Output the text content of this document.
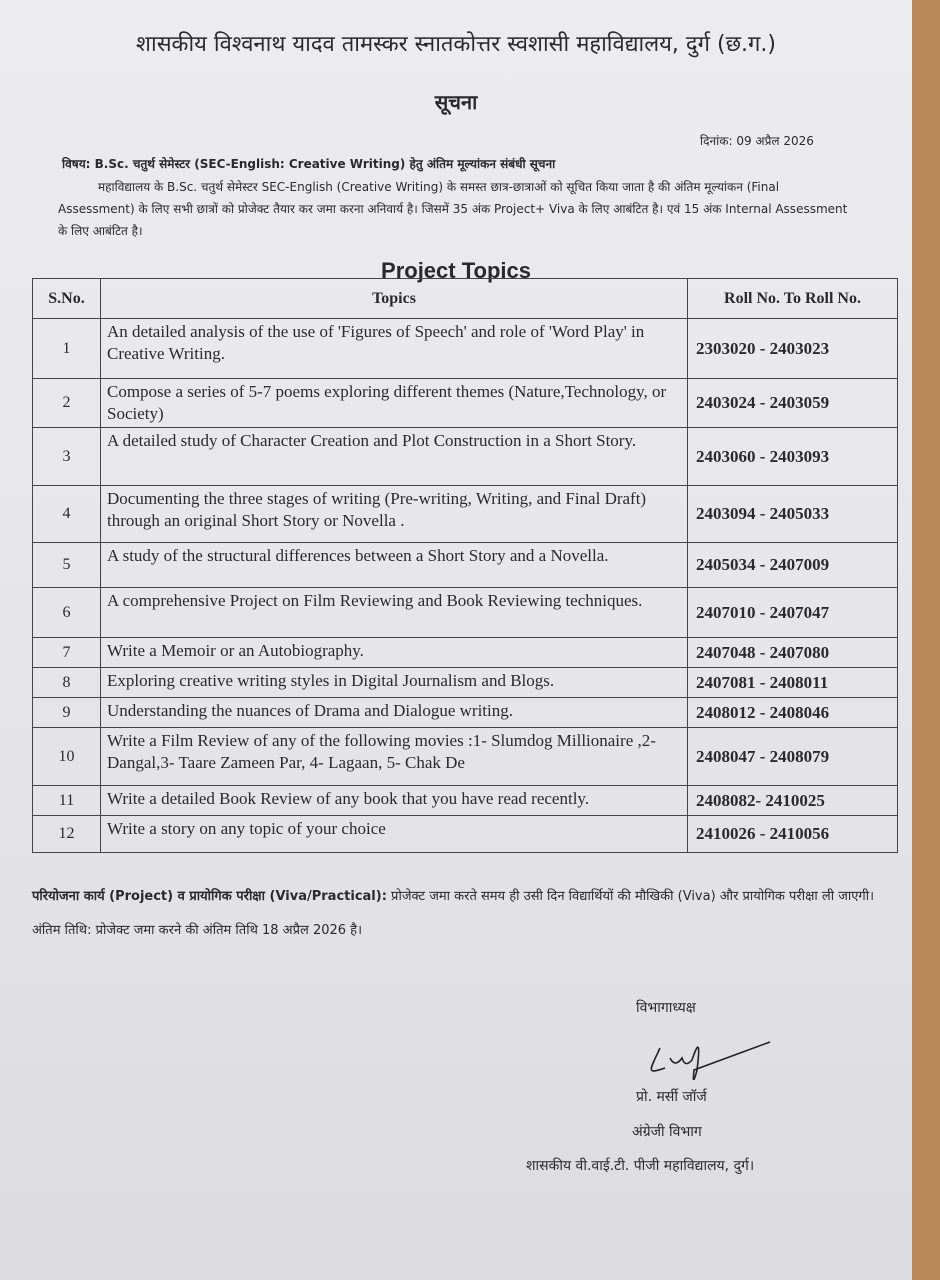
शासकीय विश्वनाथ यादव तामस्कर स्नातकोत्तर स्वशासी महाविद्यालय, दुर्ग (छ.ग.)
सूचना
दिनांक: 09 अप्रैल 2026
विषय: B.Sc. चतुर्थ सेमेस्टर (SEC-English: Creative Writing) हेतु अंतिम मूल्यांकन संबंधी सूचना
महाविद्यालय के B.Sc. चतुर्थ सेमेस्टर SEC-English (Creative Writing) के समस्त छात्र-छात्राओं को सूचित किया जाता है की अंतिम मूल्यांकन (Final Assessment) के लिए सभी छात्रों को प्रोजेक्ट तैयार कर जमा करना अनिवार्य है। जिसमें 35 अंक Project+ Viva के लिए आबंटित है। एवं 15 अंक Internal Assessment के लिए आबंटित है।
Project Topics
S.No.	Topics	Roll No. To Roll No.
1	An detailed analysis of the use of 'Figures of Speech' and role of 'Word Play' in Creative Writing.	2303020 - 2403023
2	Compose a series of 5-7 poems exploring different themes (Nature,Technology, or Society)	2403024 - 2403059
3	A detailed study of Character Creation and Plot Construction in a Short Story.	2403060 - 2403093
4	Documenting the three stages of writing (Pre-writing, Writing, and Final Draft) through an original Short Story or Novella .	2403094 - 2405033
5	A study of the structural differences between a Short Story and a Novella.	2405034 - 2407009
6	A comprehensive Project on Film Reviewing and Book Reviewing techniques.	2407010 - 2407047
7	Write a Memoir or an Autobiography.	2407048 - 2407080
8	Exploring creative writing styles in Digital Journalism and Blogs.	2407081 - 2408011
9	Understanding the nuances of Drama and Dialogue writing.	2408012 - 2408046
10	Write a Film Review of any of the following movies :1- Slumdog Millionaire ,2- Dangal,3- Taare Zameen Par, 4- Lagaan, 5- Chak De	2408047 - 2408079
11	Write a detailed Book Review of any book that you have read recently.	2408082- 2410025
12	Write a story on any topic of your choice	2410026 - 2410056
परियोजना कार्य (Project) व प्रायोगिक परीक्षा (Viva/Practical): प्रोजेक्ट जमा करते समय ही उसी दिन विद्यार्थियों की मौखिकी (Viva) और प्रायोगिक परीक्षा ली जाएगी। अंतिम तिथि: प्रोजेक्ट जमा करने की अंतिम तिथि 18 अप्रैल 2026 है।
विभागाध्यक्ष
प्रो. मर्सी जॉर्ज
अंग्रेजी विभाग
शासकीय वी.वाई.टी. पीजी महाविद्यालय, दुर्ग।
